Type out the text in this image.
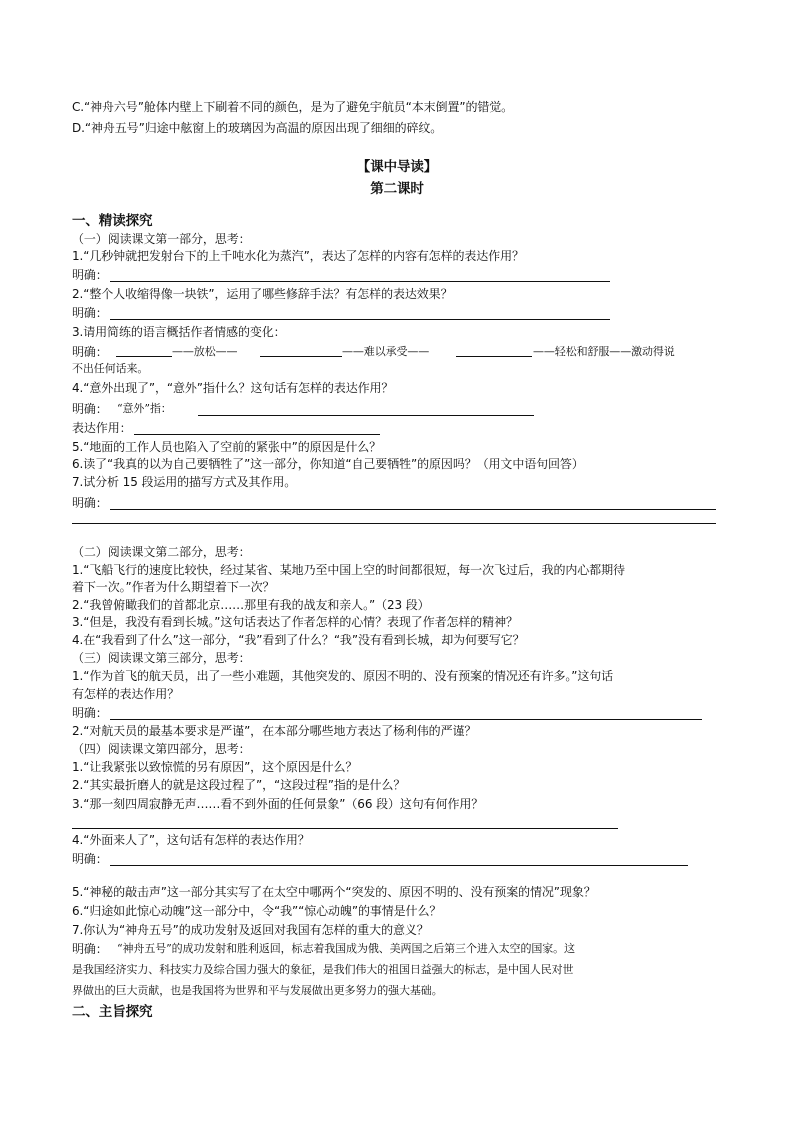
C.“神舟六号”舱体内壁上下刷着不同的颜色，是为了避免宇航员“本末倒置”的错觉。
D.“神舟五号”归途中舷窗上的玻璃因为高温的原因出现了细细的碎纹。
【课中导读】
第二课时
一、精读探究
（一）阅读课文第一部分，思考：
1.“几秒钟就把发射台下的上千吨水化为蒸汽”，表达了怎样的内容有怎样的表达作用？
明确：
2.“整个人收缩得像一块铁”，运用了哪些修辞手法？有怎样的表达效果？
明确：
3.请用简练的语言概括作者情感的变化：
明确：	——放松——	——难以承受——	——轻松和舒服——激动得说
不出任何话来。
4.“意外出现了”，“意外”指什么？这句话有怎样的表达作用？
明确： “意外”指：
表达作用：
5.“地面的工作人员也陷入了空前的紧张中”的原因是什么？
6.读了“我真的以为自己要牺牲了”这一部分，你知道“自己要牺牲”的原因吗？（用文中语句回答）
7.试分析 15 段运用的描写方式及其作用。
明确：
（二）阅读课文第二部分，思考：
1.“飞船飞行的速度比较快，经过某省、某地乃至中国上空的时间都很短，每一次飞过后，我的内心都期待
着下一次。”作者为什么期望着下一次？
2.“我曾俯瞰我们的首都北京……那里有我的战友和亲人。”（23 段）
3.“但是，我没有看到长城。”这句话表达了作者怎样的心情？表现了作者怎样的精神？
4.在“我看到了什么”这一部分，“我”看到了什么？“我”没有看到长城，却为何要写它？
（三）阅读课文第三部分，思考：
1.“作为首飞的航天员，出了一些小难题，其他突发的、原因不明的、没有预案的情况还有许多。”这句话
有怎样的表达作用？
明确：
2.“对航天员的最基本要求是严谨”，在本部分哪些地方表达了杨利伟的严谨？
（四）阅读课文第四部分，思考：
1.“让我紧张以致惊慌的另有原因”，这个原因是什么？
2.“其实最折磨人的就是这段过程了”，“这段过程”指的是什么？
3.“那一刻四周寂静无声……看不到外面的任何景象”（66 段）这句有何作用？
4.“外面来人了”，这句话有怎样的表达作用？
明确：
5.“神秘的敲击声”这一部分其实写了在太空中哪两个“突发的、原因不明的、没有预案的情况”现象？
6.“归途如此惊心动魄”这一部分中，令“我”“惊心动魄”的事情是什么？
7.你认为“神舟五号”的成功发射及返回对我国有怎样的重大的意义？
明确： “神舟五号”的成功发射和胜利返回，标志着我国成为俄、美两国之后第三个进入太空的国家。这
是我国经济实力、科技实力及综合国力强大的象征，是我们伟大的祖国日益强大的标志，是中国人民对世
界做出的巨大贡献，也是我国将为世界和平与发展做出更多努力的强大基础。
二、主旨探究
